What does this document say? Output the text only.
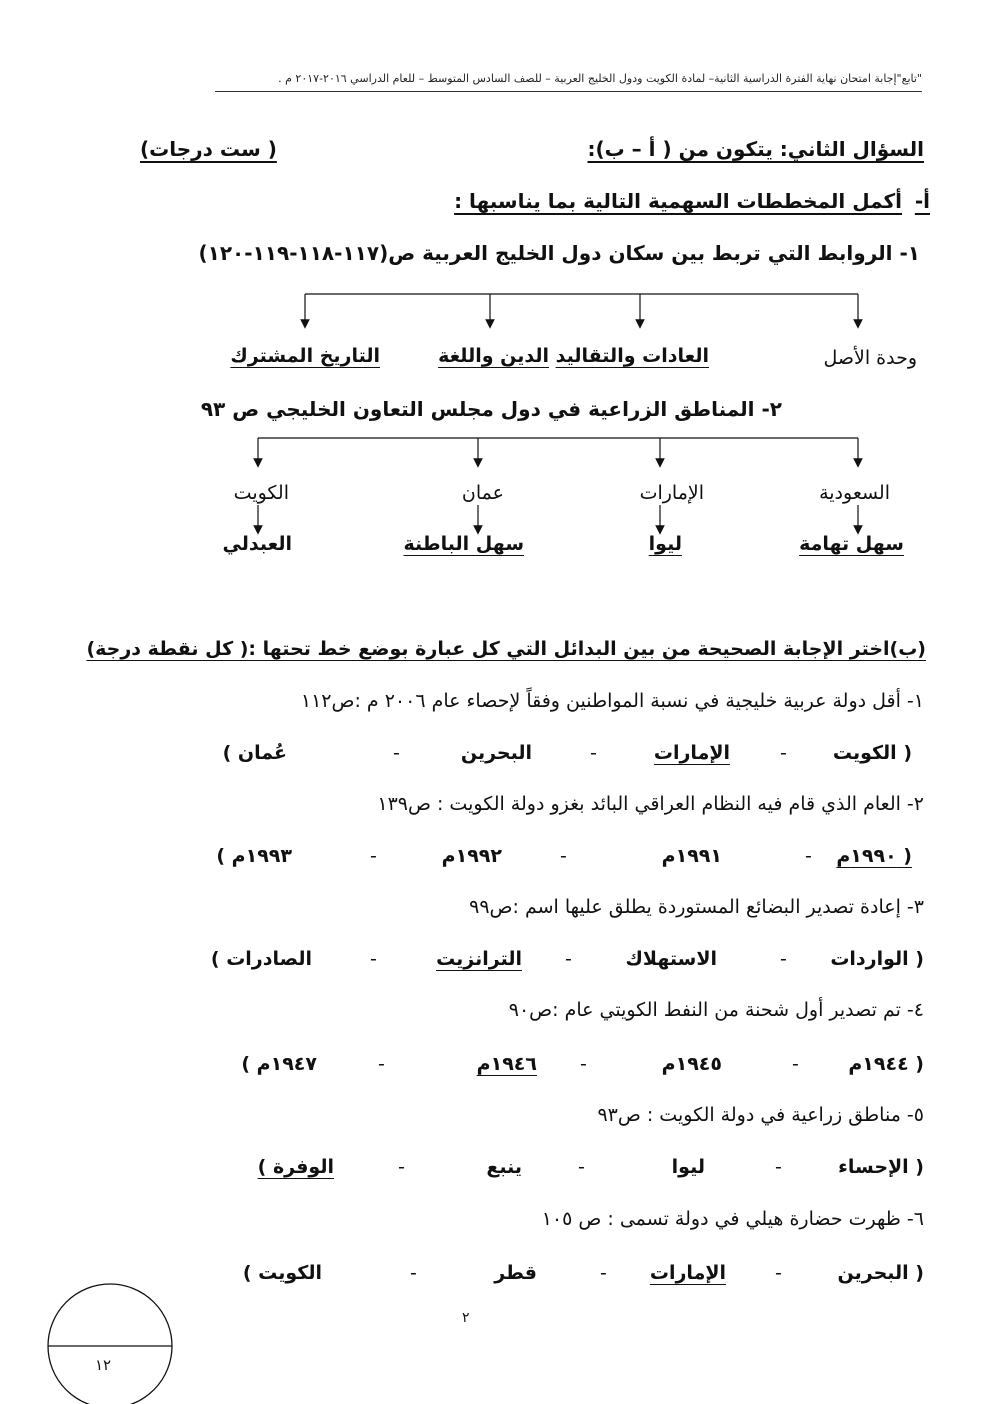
"تابع"إجابة امتحان نهاية الفترة الدراسية الثانية– لمادة الكويت ودول الخليج العربية – للصف السادس المتوسط – للعام الدراسي ٢٠١٦-٢٠١٧ م .
السؤال الثاني: يتكون من ( أ – ب):
( ست درجات)
أ-
أكمل المخططات السهمية التالية بما يناسبها :
١- الروابط التي تربط بين سكان دول الخليج العربية ص(١١٧-١١٨-١١٩-١٢٠)
وحدة الأصل
العادات والتقاليد
الدين واللغة
التاريخ المشترك
٢- المناطق الزراعية في دول مجلس التعاون الخليجي ص ٩٣
السعودية
الإمارات
عمان
الكويت
سهل تهامة
ليوا
سهل الباطنة
العبدلي
(ب)اختر الإجابة الصحيحة من بين البدائل التي كل عبارة بوضع خط تحتها :( كل نقطة درجة)
١- أقل دولة عربية خليجية في نسبة المواطنين وفقاً لإحصاء عام ٢٠٠٦ م :ص١١٢
( الكويت
-
الإمارات
-
البحرين
-
عُمان )
٢- العام الذي قام فيه النظام العراقي البائد بغزو دولة الكويت : ص١٣٩
( ١٩٩٠م
-
١٩٩١م
-
١٩٩٢م
-
١٩٩٣م )
٣- إعادة تصدير البضائع المستوردة يطلق عليها اسم :ص٩٩
( الواردات
-
الاستهلاك
-
الترانزيت
-
الصادرات )
٤- تم تصدير أول شحنة من النفط الكويتي عام :ص٩٠
( ١٩٤٤م
-
١٩٤٥م
-
١٩٤٦م
-
١٩٤٧م )
٥- مناطق زراعية في دولة الكويت : ص٩٣
( الإحساء
-
ليوا
-
ينبع
-
الوفرة )
٦- ظهرت حضارة هيلي في دولة تسمى : ص ١٠٥
( البحرين
-
الإمارات
-
قطر
-
الكويت )
٢
١٢
